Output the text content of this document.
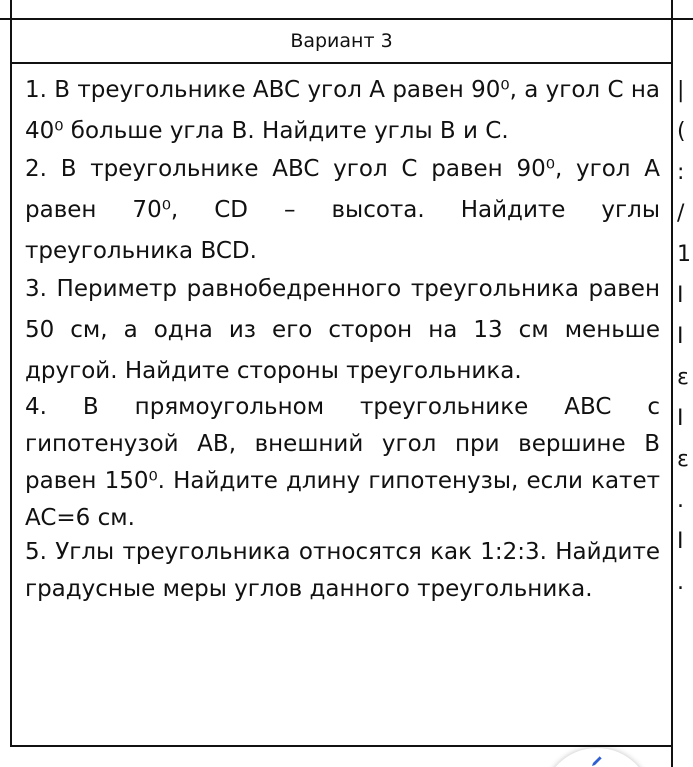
Вариант 3

1. В треугольнике ABC угол A равен 90⁰, а угол C на 40⁰ больше угла B. Найдите углы B и C.

2. В треугольнике ABC угол C равен 90⁰, угол A равен 70⁰, CD – высота. Найдите углы треугольника BCD.

3. Периметр равнобедренного треугольника равен 50 см, а одна из его сторон на 13 см меньше другой. Найдите стороны треугольника.

4. В прямоугольном треугольнике ABC с гипотенузой AB, внешний угол при вершине B равен 150⁰. Найдите длину гипотенузы, если катет AC=6 см.

5. Углы треугольника относятся как 1:2:3. Найдите градусные меры углов данного треугольника.

|
(
:
/
1
I
I
ε
I
ε
.
I
.
